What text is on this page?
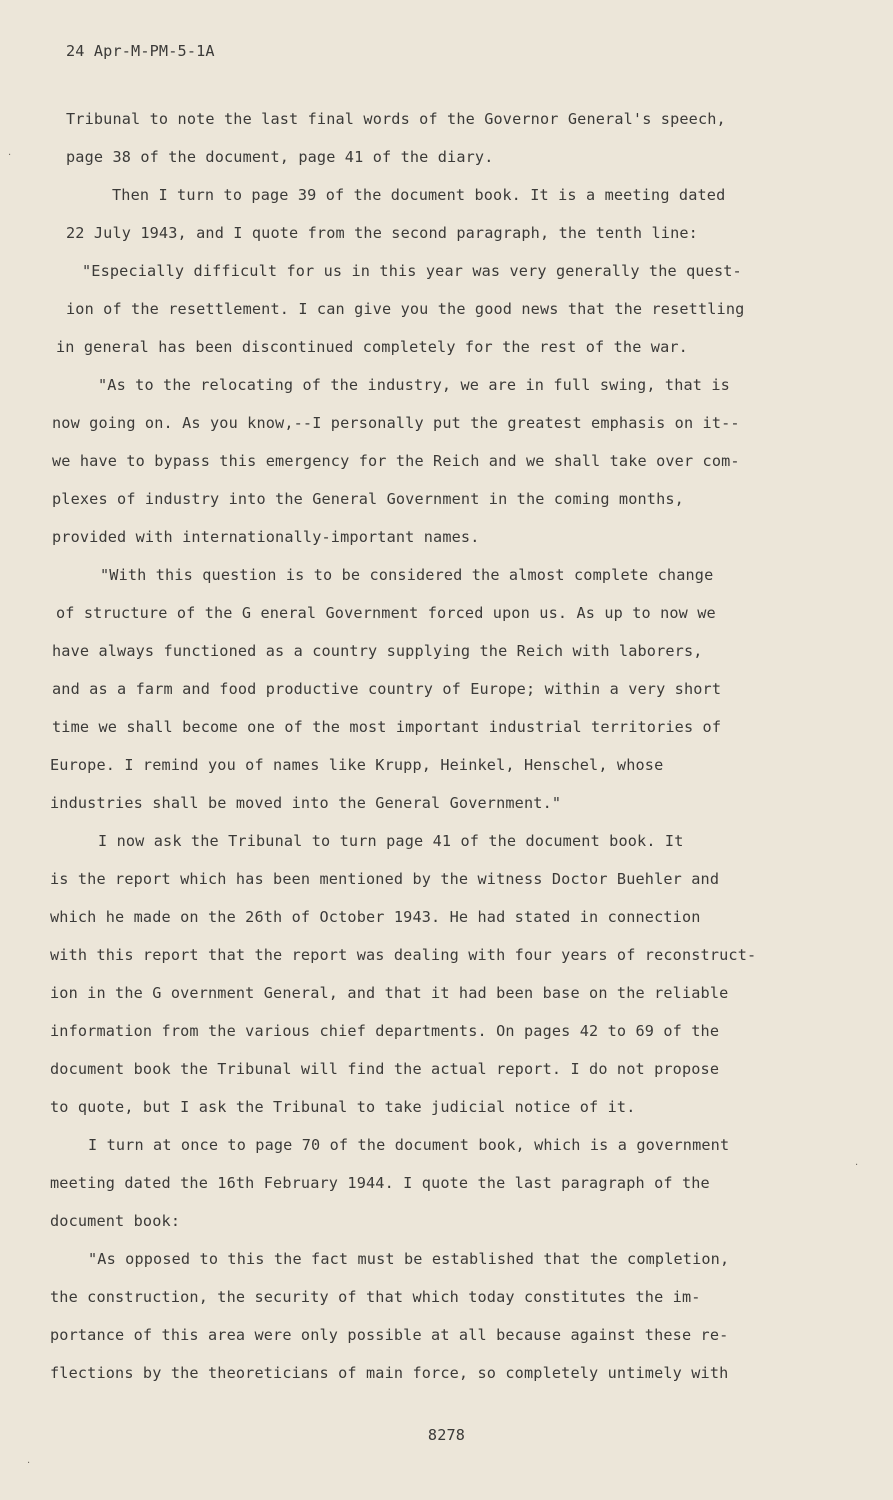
24 Apr-M-PM-5-1A
Tribunal to note the last final words of the Governor General's speech,
page 38 of the document, page 41 of the diary.
Then I turn to page 39 of the document book. It is a meeting dated
22 July 1943, and I quote from the second paragraph, the tenth line:
"Especially difficult for us in this year was very generally the quest-
ion of the resettlement. I can give you the good news that the resettling
in general has been discontinued completely for the rest of the war.
"As to the relocating of the industry, we are in full swing, that is
now going on. As you know,--I personally put the greatest emphasis on it--
we have to bypass this emergency for the Reich and we shall take over com-
plexes of industry into the General Government in the coming months,
provided with internationally-important names.
"With this question is to be considered the almost complete change
of structure of the G eneral Government forced upon us. As up to now we
have always functioned as a country supplying the Reich with laborers,
and as a farm and food productive country of Europe; within a very short
time we shall become one of the most important industrial territories of
Europe. I remind you of names like Krupp, Heinkel, Henschel, whose
industries shall be moved into the General Government."
I now ask the Tribunal to turn page 41 of the document book. It
is the report which has been mentioned by the witness Doctor Buehler and
which he made on the 26th of October 1943. He had stated in connection
with this report that the report was dealing with four years of reconstruct-
ion in the G overnment General, and that it had been base on the reliable
information from the various chief departments. On pages 42 to 69 of the
document book the Tribunal will find the actual report. I do not propose
to quote, but I ask the Tribunal to take judicial notice of it.
I turn at once to page 70 of the document book, which is a government
meeting dated the 16th February 1944. I quote the last paragraph of the
document book:
"As opposed to this the fact must be established that the completion,
the construction, the security of that which today constitutes the im-
portance of this area were only possible at all because against these re-
flections by the theoreticians of main force, so completely untimely with
8278
·
·
·
